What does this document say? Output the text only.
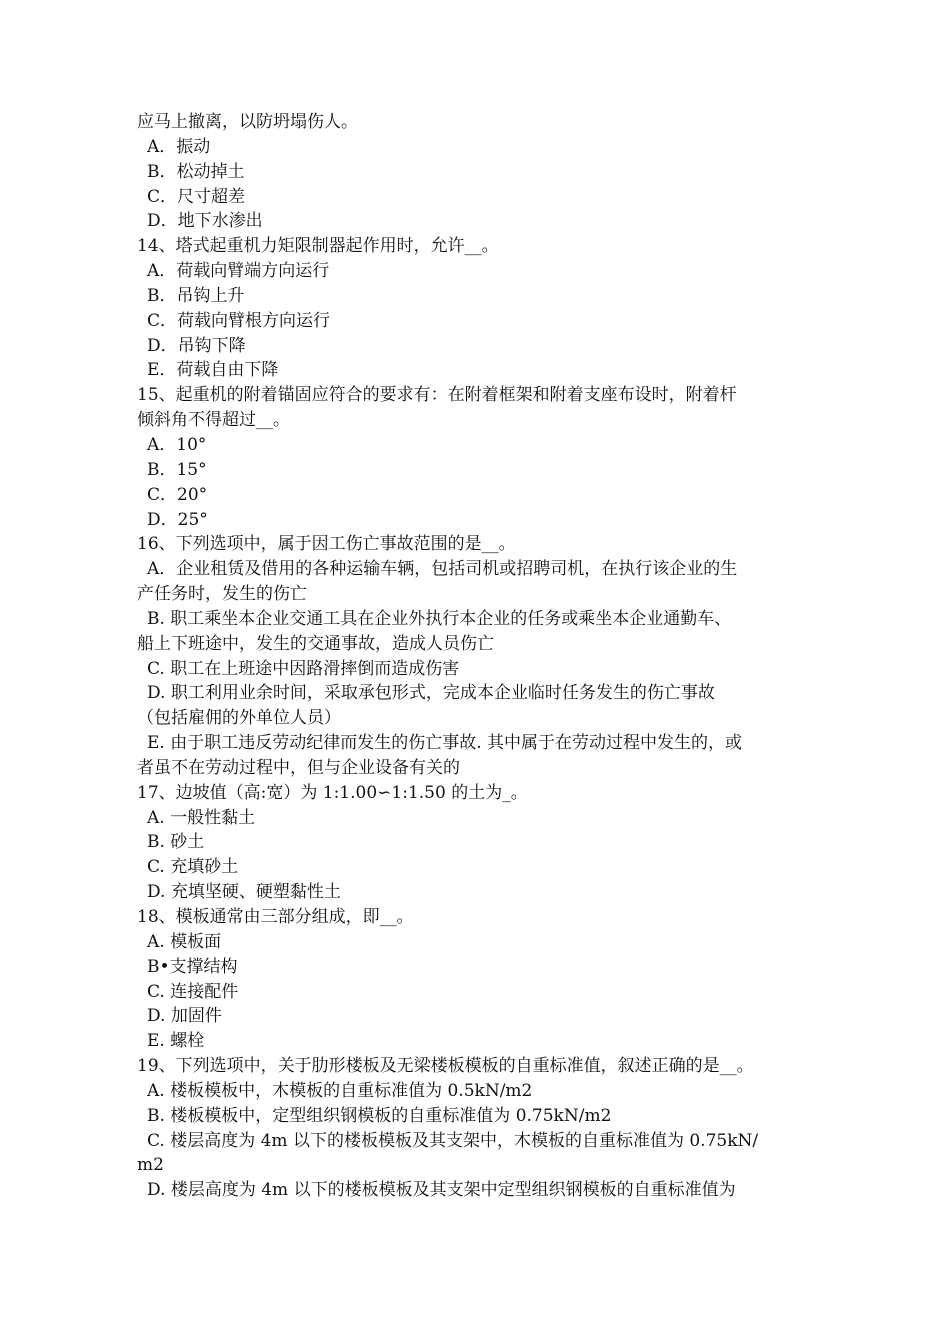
应马上撤离，以防坍塌伤人。
A．振动
B．松动掉土
C．尺寸超差
D．地下水渗出
14、塔式起重机力矩限制器起作用时，允许__。
A．荷载向臂端方向运行
B．吊钩上升
C．荷载向臂根方向运行
D．吊钩下降
E．荷载自由下降
15、起重机的附着锚固应符合的要求有：在附着框架和附着支座布设时，附着杆
倾斜角不得超过__。
A．10°
B．15°
C．20°
D．25°
16、下列选项中，属于因工伤亡事故范围的是__。
A．企业租赁及借用的各种运输车辆，包括司机或招聘司机，在执行该企业的生
产任务时，发生的伤亡
B. 职工乘坐本企业交通工具在企业外执行本企业的任务或乘坐本企业通勤车、
船上下班途中，发生的交通事故，造成人员伤亡
C. 职工在上班途中因路滑摔倒而造成伤害
D. 职工利用业余时间，采取承包形式，完成本企业临时任务发生的伤亡事故
（包括雇佣的外单位人员）
E. 由于职工违反劳动纪律而发生的伤亡事故. 其中属于在劳动过程中发生的，或
者虽不在劳动过程中，但与企业设备有关的
17、边坡值（高:宽）为 1:1.00∽1:1.50 的土为_。
A. 一般性黏土
B. 砂土
C. 充填砂土
D. 充填坚硬、硬塑黏性土
18、模板通常由三部分组成，即__。
A. 模板面
B•支撑结构
C. 连接配件
D. 加固件
E. 螺栓
19、下列选项中，关于肋形楼板及无梁楼板模板的自重标准值，叙述正确的是__。
A. 楼板模板中，木模板的自重标准值为 0.5kN/m2
B. 楼板模板中，定型组织钢模板的自重标准值为 0.75kN/m2
C. 楼层高度为 4m 以下的楼板模板及其支架中，木模板的自重标准值为 0.75kN/
m2
D. 楼层高度为 4m 以下的楼板模板及其支架中定型组织钢模板的自重标准值为
